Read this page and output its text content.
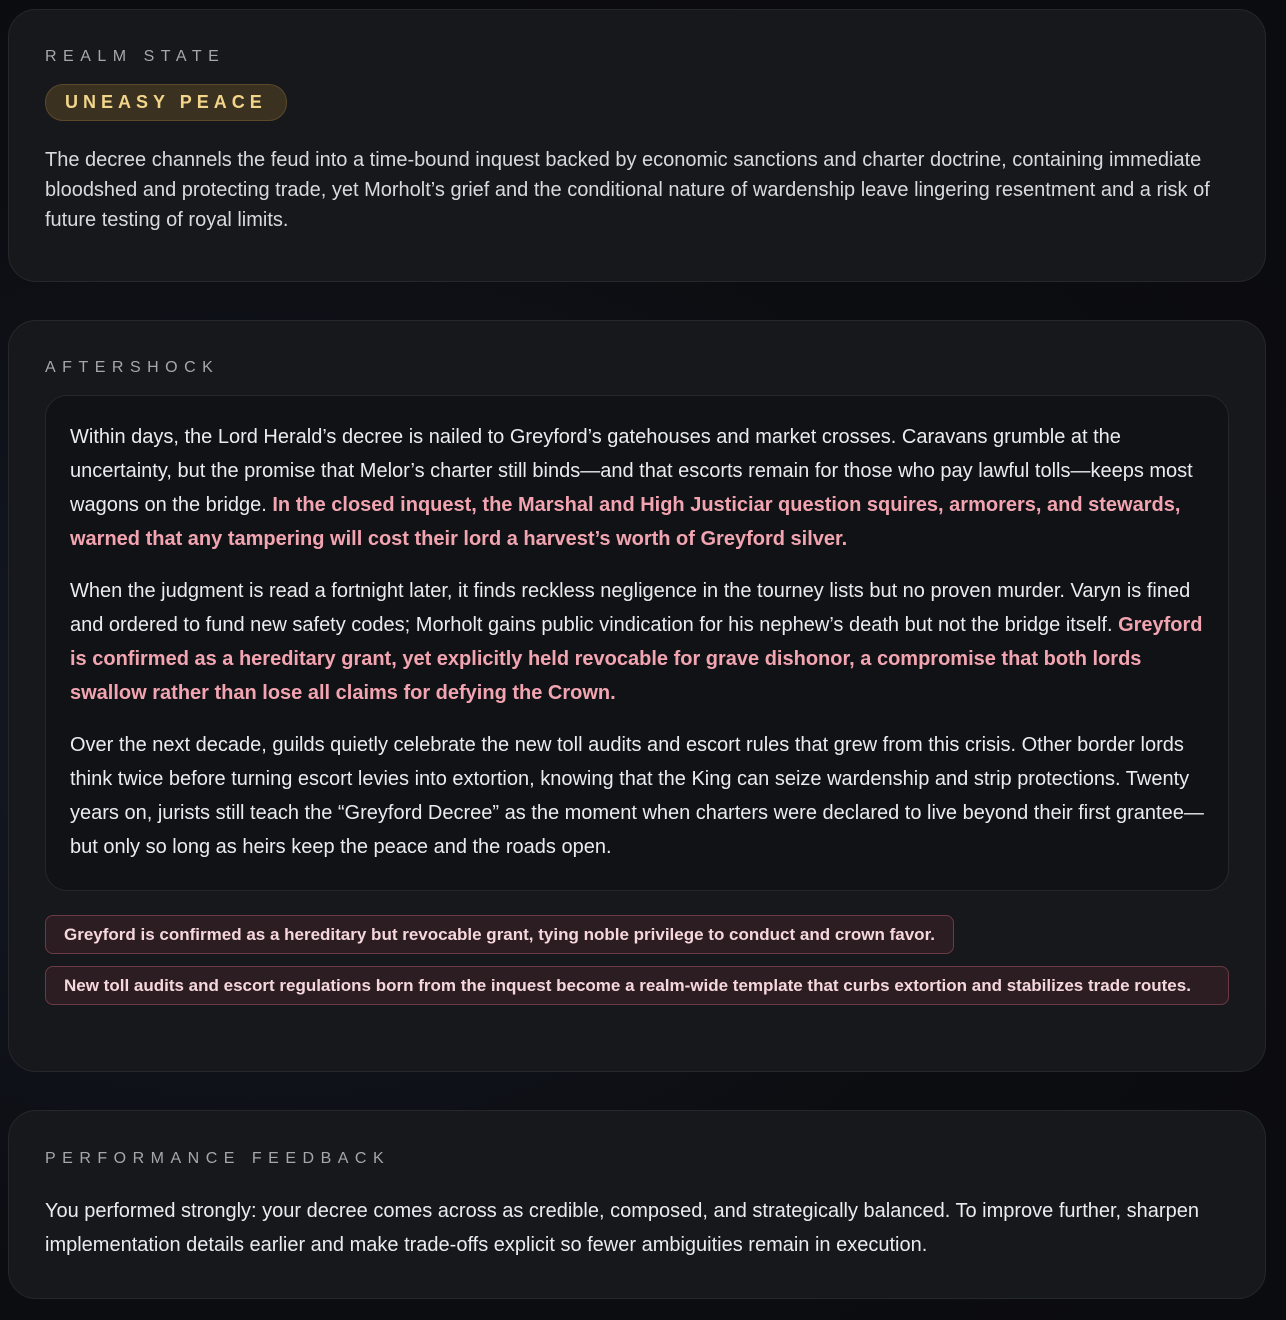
REALM STATE
UNEASY PEACE
The decree channels the feud into a time-bound inquest backed by economic sanctions and charter doctrine, containing immediate bloodshed and protecting trade, yet Morholt’s grief and the conditional nature of wardenship leave lingering resentment and a risk of future testing of royal limits.
AFTERSHOCK

Within days, the Lord Herald’s decree is nailed to Greyford’s gatehouses and market crosses. Caravans grumble at the uncertainty, but the promise that Melor’s charter still binds—and that escorts remain for those who pay lawful tolls—keeps most wagons on the bridge. In the closed inquest, the Marshal and High Justiciar question squires, armorers, and stewards, warned that any tampering will cost their lord a harvest’s worth of Greyford silver.

When the judgment is read a fortnight later, it finds reckless negligence in the tourney lists but no proven murder. Varyn is fined and ordered to fund new safety codes; Morholt gains public vindication for his nephew’s death but not the bridge itself. Greyford is confirmed as a hereditary grant, yet explicitly held revocable for grave dishonor, a compromise that both lords swallow rather than lose all claims for defying the Crown.

Over the next decade, guilds quietly celebrate the new toll audits and escort rules that grew from this crisis. Other border lords think twice before turning escort levies into extortion, knowing that the King can seize wardenship and strip protections. Twenty years on, jurists still teach the “Greyford Decree” as the moment when charters were declared to live beyond their first grantee—but only so long as heirs keep the peace and the roads open.

Greyford is confirmed as a hereditary but revocable grant, tying noble privilege to conduct and crown favor.
New toll audits and escort regulations born from the inquest become a realm-wide template that curbs extortion and stabilizes trade routes.
PERFORMANCE FEEDBACK
You performed strongly: your decree comes across as credible, composed, and strategically balanced. To improve further, sharpen implementation details earlier and make trade-offs explicit so fewer ambiguities remain in execution.
